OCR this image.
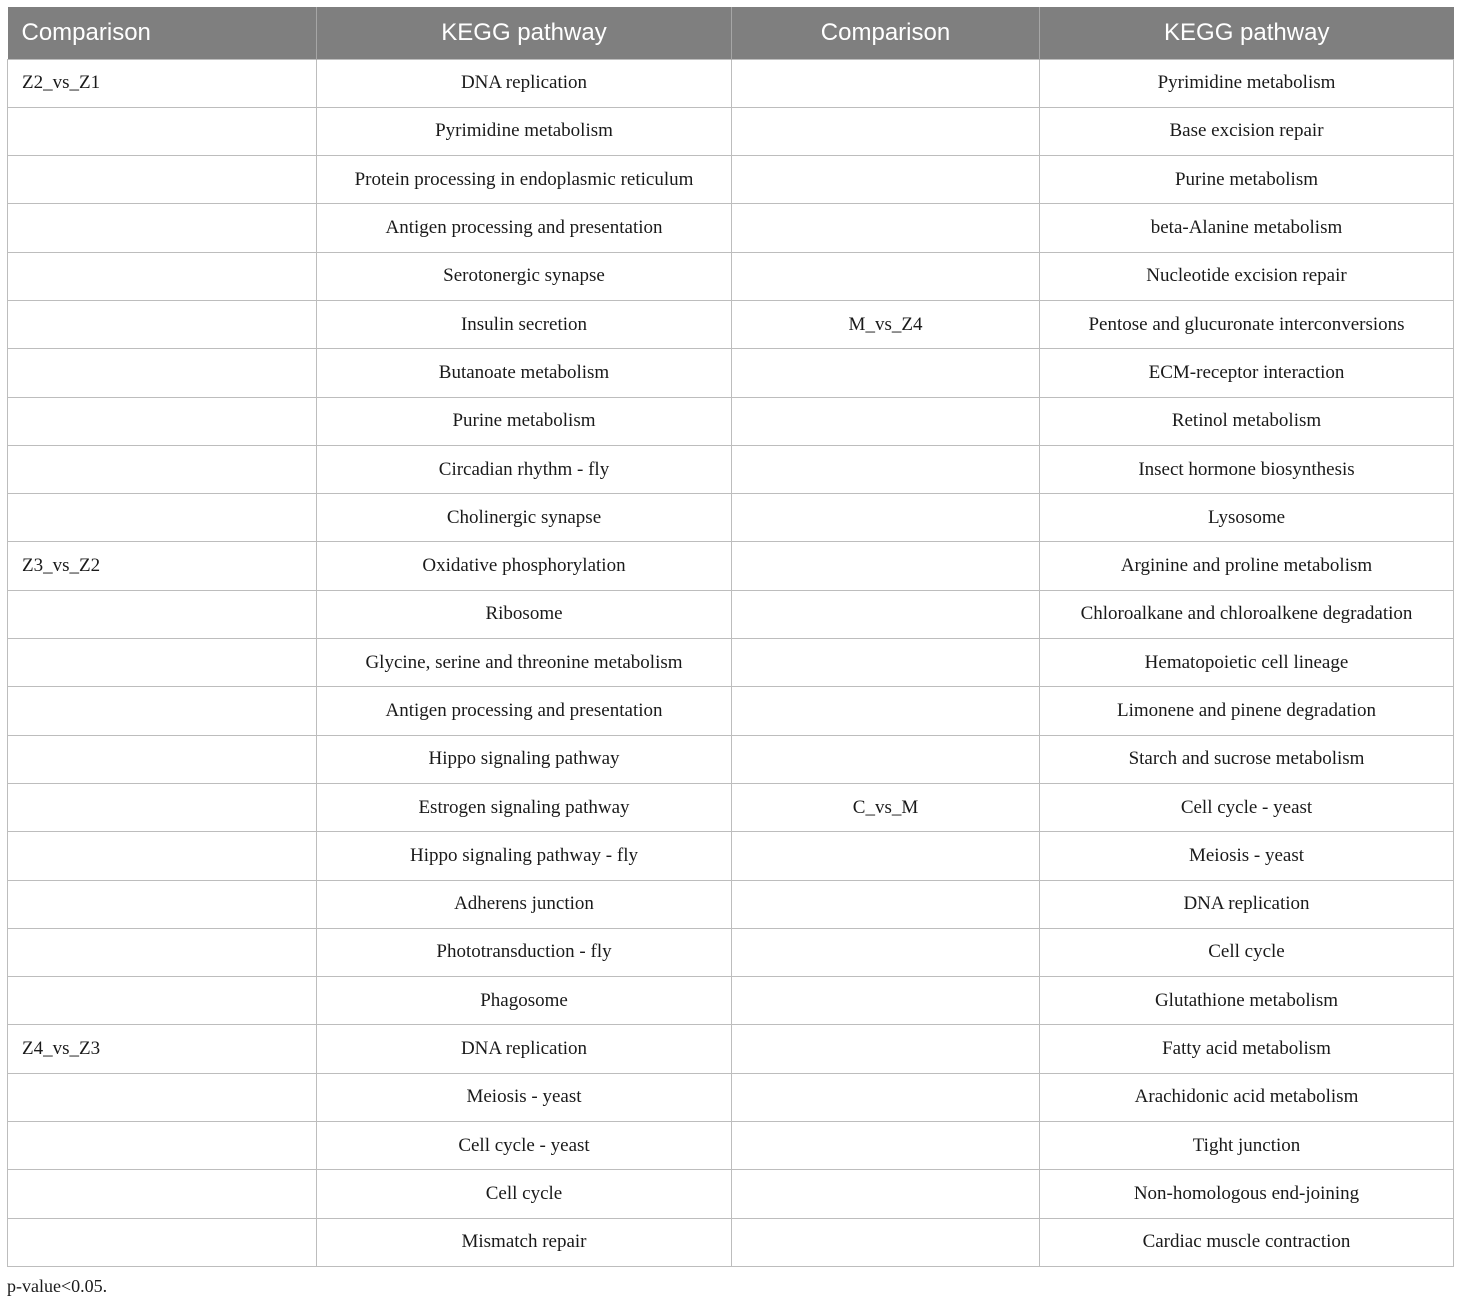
Comparison	KEGG pathway	Comparison	KEGG pathway
Z2_vs_Z1	DNA replication		Pyrimidine metabolism
	Pyrimidine metabolism		Base excision repair
	Protein processing in endoplasmic reticulum		Purine metabolism
	Antigen processing and presentation		beta-Alanine metabolism
	Serotonergic synapse		Nucleotide excision repair
	Insulin secretion	M_vs_Z4	Pentose and glucuronate interconversions
	Butanoate metabolism		ECM-receptor interaction
	Purine metabolism		Retinol metabolism
	Circadian rhythm - fly		Insect hormone biosynthesis
	Cholinergic synapse		Lysosome
Z3_vs_Z2	Oxidative phosphorylation		Arginine and proline metabolism
	Ribosome		Chloroalkane and chloroalkene degradation
	Glycine, serine and threonine metabolism		Hematopoietic cell lineage
	Antigen processing and presentation		Limonene and pinene degradation
	Hippo signaling pathway		Starch and sucrose metabolism
	Estrogen signaling pathway	C_vs_M	Cell cycle - yeast
	Hippo signaling pathway - fly		Meiosis - yeast
	Adherens junction		DNA replication
	Phototransduction - fly		Cell cycle
	Phagosome		Glutathione metabolism
Z4_vs_Z3	DNA replication		Fatty acid metabolism
	Meiosis - yeast		Arachidonic acid metabolism
	Cell cycle - yeast		Tight junction
	Cell cycle		Non-homologous end-joining
	Mismatch repair		Cardiac muscle contraction

p-value<0.05.
